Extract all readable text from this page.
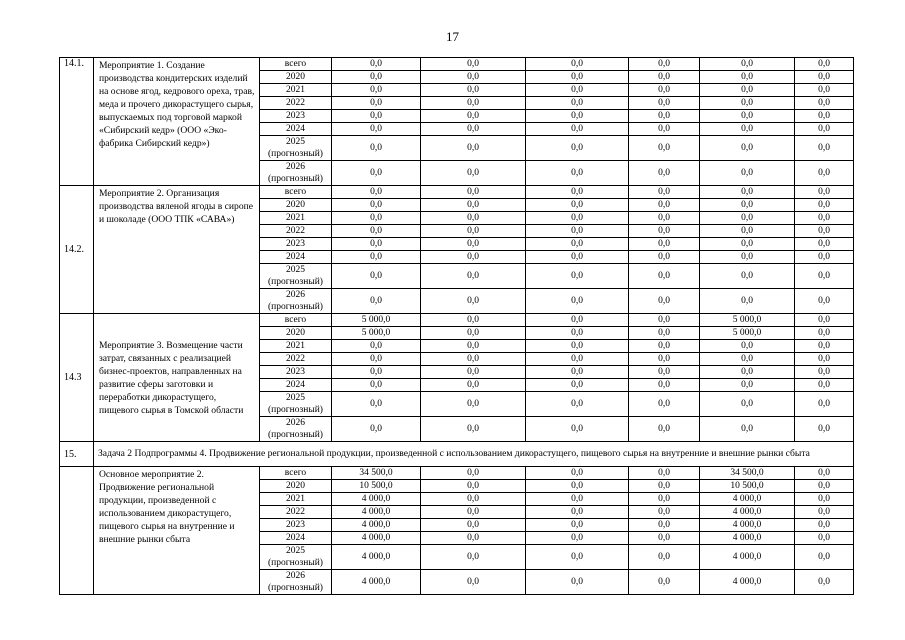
17
14.1.	Мероприятие 1. Создание производства кондитерских изделий на основе ягод, кедрового ореха, трав, меда и прочего дикорастущего сырья, выпускаемых под торговой маркой «Сибирский кедр» (ООО «Эко-фабрика Сибирский кедр»)	всего	0,0	0,0	0,0	0,0	0,0	0,0
		2020	0,0	0,0	0,0	0,0	0,0	0,0
		2021	0,0	0,0	0,0	0,0	0,0	0,0
		2022	0,0	0,0	0,0	0,0	0,0	0,0
		2023	0,0	0,0	0,0	0,0	0,0	0,0
		2024	0,0	0,0	0,0	0,0	0,0	0,0
		2025 (прогнозный)	0,0	0,0	0,0	0,0	0,0	0,0
		2026 (прогнозный)	0,0	0,0	0,0	0,0	0,0	0,0
14.2.	Мероприятие 2. Организация производства вяленой ягоды в сиропе и шоколаде (ООО ТПК «САВА»)	всего	0,0	0,0	0,0	0,0	0,0	0,0
		2020	0,0	0,0	0,0	0,0	0,0	0,0
		2021	0,0	0,0	0,0	0,0	0,0	0,0
		2022	0,0	0,0	0,0	0,0	0,0	0,0
		2023	0,0	0,0	0,0	0,0	0,0	0,0
		2024	0,0	0,0	0,0	0,0	0,0	0,0
		2025 (прогнозный)	0,0	0,0	0,0	0,0	0,0	0,0
		2026 (прогнозный)	0,0	0,0	0,0	0,0	0,0	0,0
14.3	Мероприятие 3. Возмещение части затрат, связанных с реализацией бизнес-проектов, направленных на развитие сферы заготовки и переработки дикорастущего, пищевого сырья в Томской области	всего	5 000,0	0,0	0,0	0,0	5 000,0	0,0
		2020	5 000,0	0,0	0,0	0,0	5 000,0	0,0
		2021	0,0	0,0	0,0	0,0	0,0	0,0
		2022	0,0	0,0	0,0	0,0	0,0	0,0
		2023	0,0	0,0	0,0	0,0	0,0	0,0
		2024	0,0	0,0	0,0	0,0	0,0	0,0
		2025 (прогнозный)	0,0	0,0	0,0	0,0	0,0	0,0
		2026 (прогнозный)	0,0	0,0	0,0	0,0	0,0	0,0
15.	Задача 2 Подпрограммы 4. Продвижение региональной продукции, произведенной с использованием дикорастущего, пищевого сырья на внутренние и внешние рынки сбыта							
	Основное мероприятие 2. Продвижение региональной продукции, произведенной с использованием дикорастущего, пищевого сырья на внутренние и внешние рынки сбыта	всего	34 500,0	0,0	0,0	0,0	34 500,0	0,0
		2020	10 500,0	0,0	0,0	0,0	10 500,0	0,0
		2021	4 000,0	0,0	0,0	0,0	4 000,0	0,0
		2022	4 000,0	0,0	0,0	0,0	4 000,0	0,0
		2023	4 000,0	0,0	0,0	0,0	4 000,0	0,0
		2024	4 000,0	0,0	0,0	0,0	4 000,0	0,0
		2025 (прогнозный)	4 000,0	0,0	0,0	0,0	4 000,0	0,0
		2026 (прогнозный)	4 000,0	0,0	0,0	0,0	4 000,0	0,0
